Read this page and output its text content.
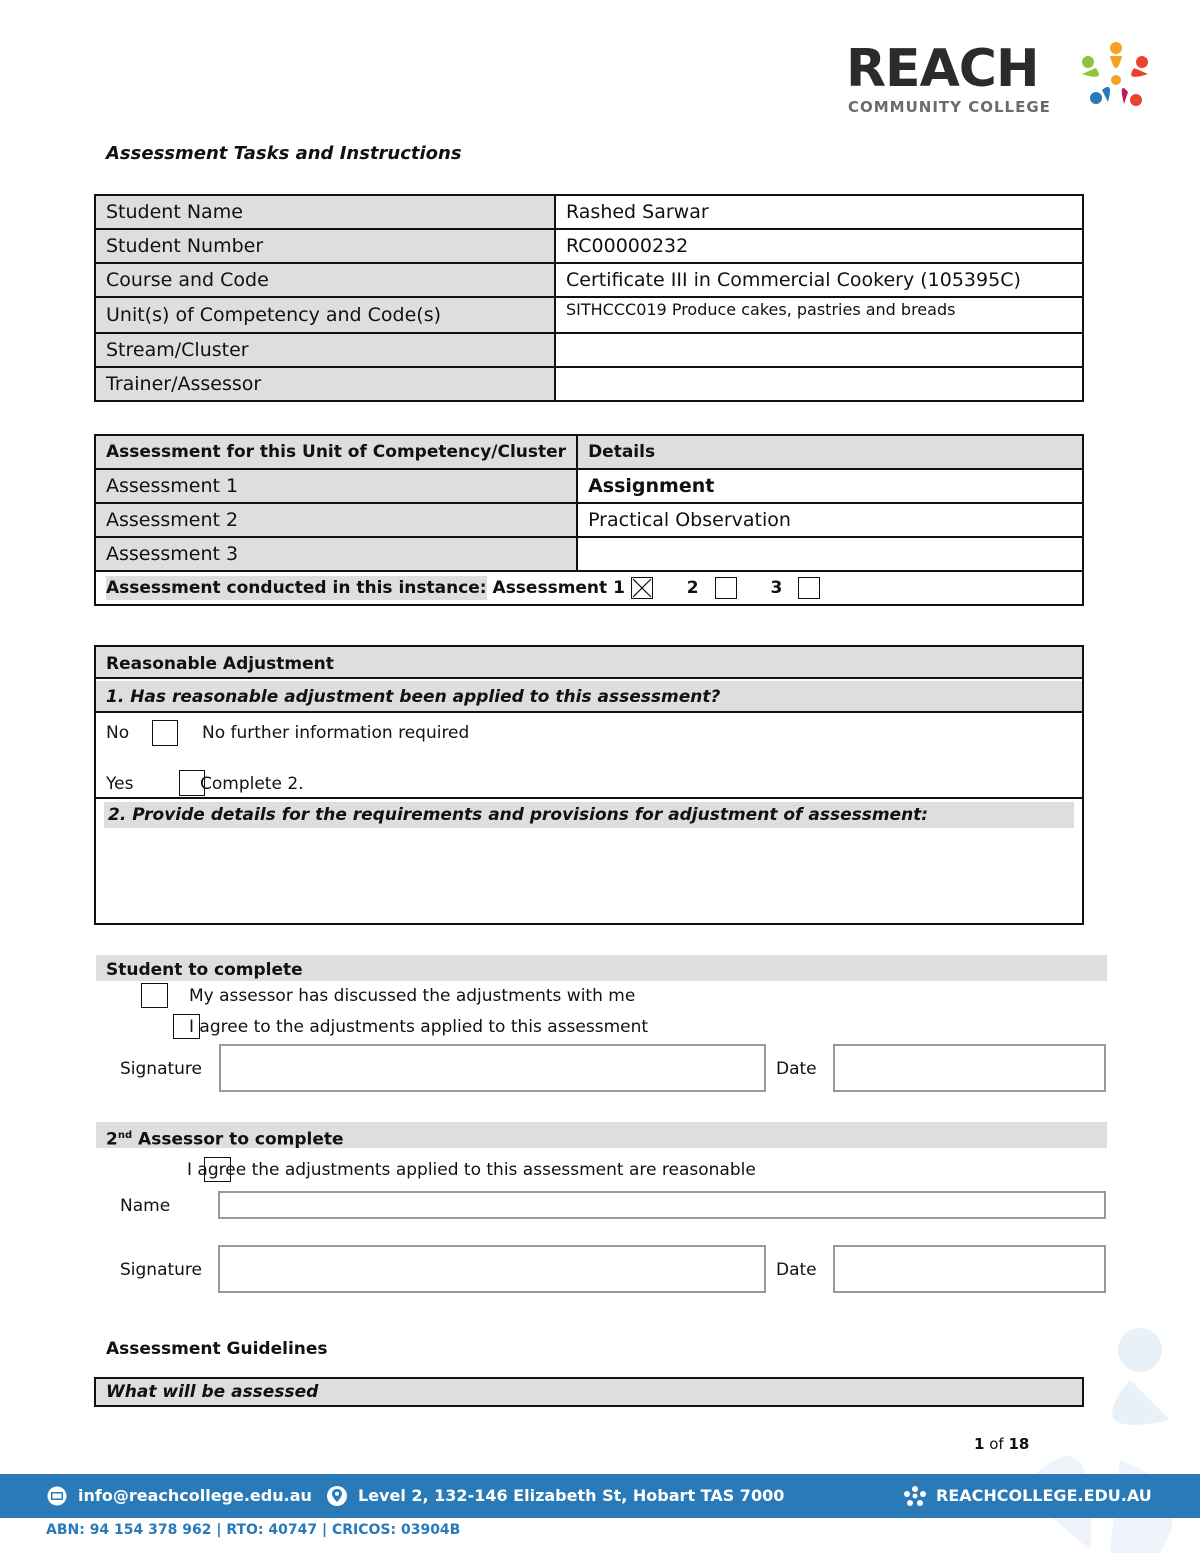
REACH
COMMUNITY COLLEGE
Assessment Tasks and Instructions
Student Name	Rashed Sarwar
Student Number	RC00000232
Course and Code	Certificate III in Commercial Cookery (105395C)
Unit(s) of Competency and Code(s)	SITHCCC019 Produce cakes, pastries and breads
Stream/Cluster	
Trainer/Assessor	
Assessment for this Unit of Competency/Cluster	Details
Assessment 1	Assignment
Assessment 2	Practical Observation
Assessment 3	
Assessment conducted in this instance: Assessment 1 2 3	
Reasonable Adjustment
1. Has reasonable adjustment been applied to this assessment?
No
	No further information required
Yes	Complete 2.
2. Provide details for the requirements and provisions for adjustment of assessment:
Student to complete

My assessor has discussed the adjustments with me

I agree to the adjustments applied to this assessment
Signature	Date
2nd Assessor to complete
I agree the adjustments applied to this assessment are reasonable
Name
Signature	Date
Assessment Guidelines
What will be assessed
1 of 18
info@reachcollege.edu.au	Level 2, 132-146 Elizabeth St, Hobart TAS 7000	REACHCOLLEGE.EDU.AU
ABN: 94 154 378 962 | RTO: 40747 | CRICOS: 03904B
